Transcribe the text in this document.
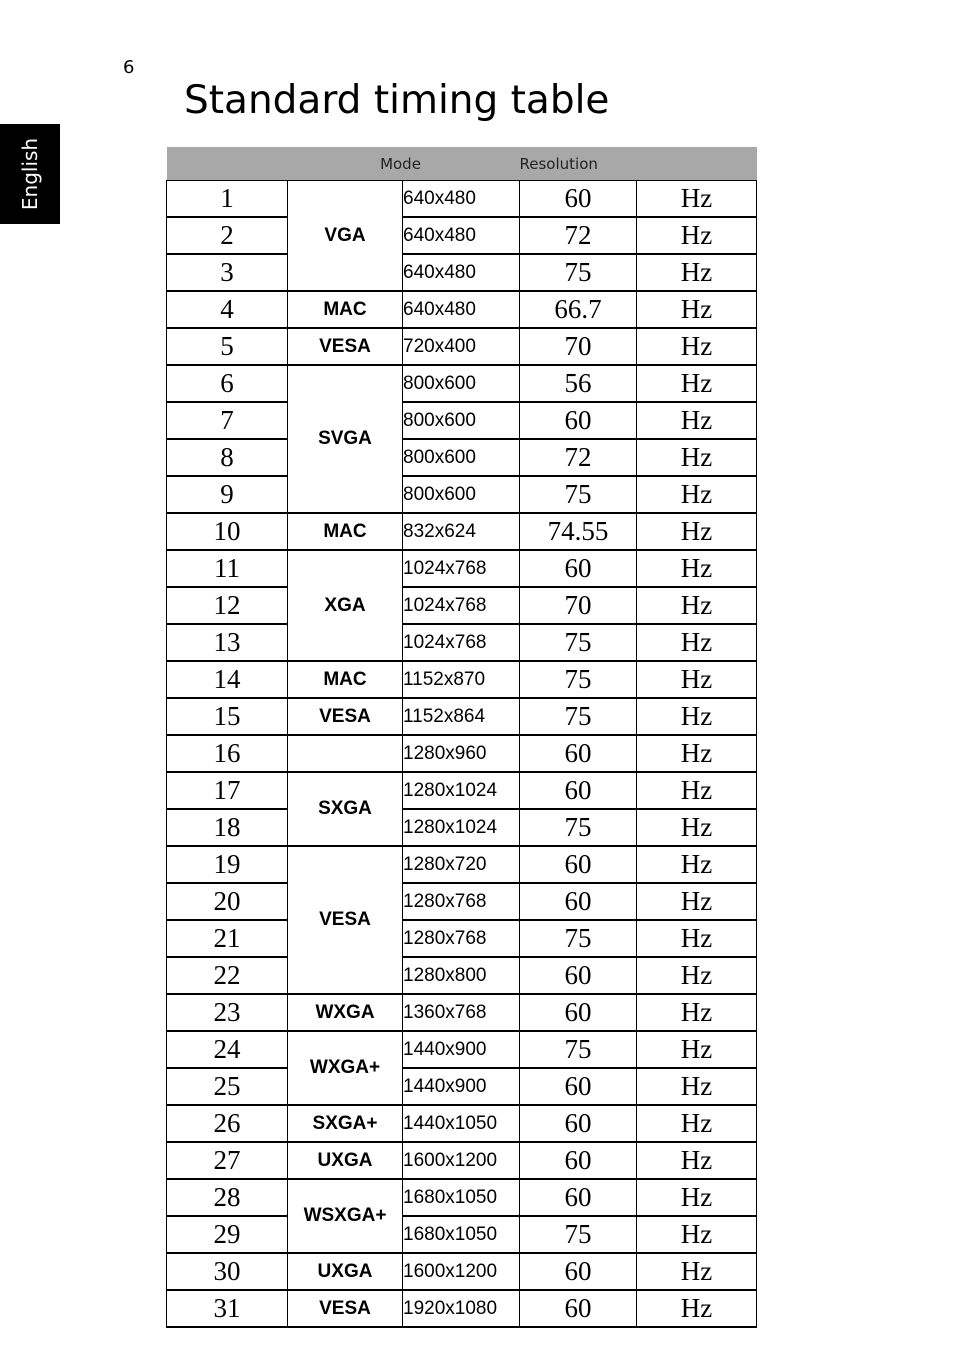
6
Standard timing table
English	Mode			Resolution	
1	VGA	640x480	60	Hz
2		640x480	72	Hz
3		640x480	75	Hz
4	MAC	640x480	66.7	Hz
5	VESA	720x400	70	Hz
6	SVGA	800x600	56	Hz
7		800x600	60	Hz
8		800x600	72	Hz
9		800x600	75	Hz
10	MAC	832x624	74.55	Hz
11	XGA	1024x768	60	Hz
12		1024x768	70	Hz
13		1024x768	75	Hz
14	MAC	1152x870	75	Hz
15	VESA	1152x864	75	Hz
16		1280x960	60	Hz
17	SXGA	1280x1024	60	Hz
18		1280x1024	75	Hz
19	VESA	1280x720	60	Hz
20		1280x768	60	Hz
21		1280x768	75	Hz
22		1280x800	60	Hz
23	WXGA	1360x768	60	Hz
24	WXGA+	1440x900	75	Hz
25		1440x900	60	Hz
26	SXGA+	1440x1050	60	Hz
27	UXGA	1600x1200	60	Hz
28	WSXGA+	1680x1050	60	Hz
29		1680x1050	75	Hz
30	UXGA	1600x1200	60	Hz
31	VESA	1920x1080	60	Hz
